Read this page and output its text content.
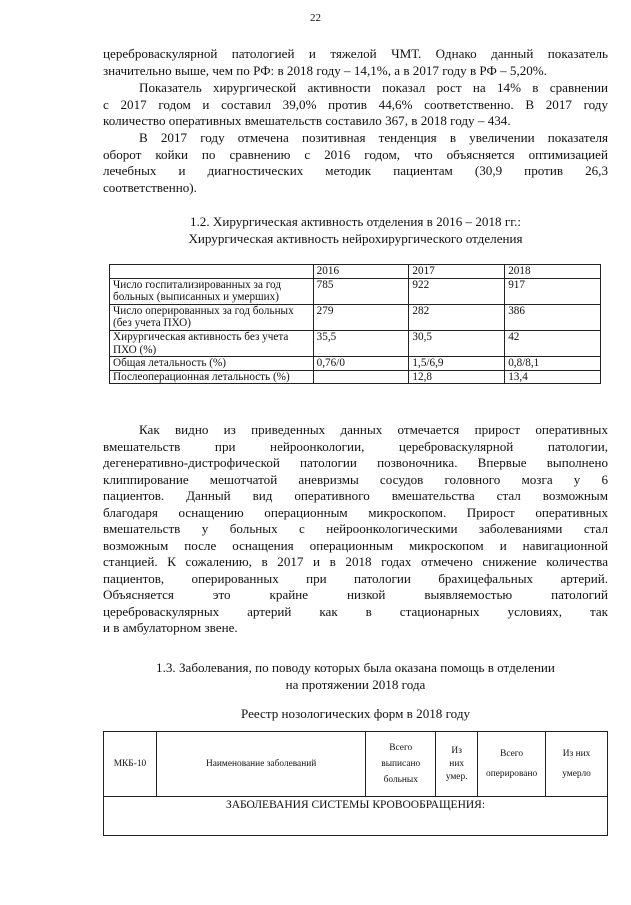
22
цереброваскулярной патологией и тяжелой ЧМТ. Однако данный показатель
значительно выше, чем по РФ: в 2018 году – 14,1%, а в 2017 году в РФ – 5,20%.
Показатель хирургической активности показал рост на 14% в сравнении
с 2017 годом и составил 39,0% против 44,6% соответственно. В 2017 году
количество оперативных вмешательств составило 367, в 2018 году – 434.
В 2017 году отмечена позитивная тенденция в увеличении показателя
оборот койки по сравнению с 2016 годом, что объясняется оптимизацией
лечебных и диагностических методик пациентам (30,9 против 26,3
соответственно).
1.2. Хирургическая активность отделения в 2016 – 2018 гг.:
Хирургическая активность нейрохирургического отделения
	2016	2017	2018
Число госпитализированных за год больных (выписанных и умерших)	785	922	917
Число оперированных за год больных (без учета ПХО)	279	282	386
Хирургическая активность без учета ПХО (%)	35,5	30,5	42
Общая летальность (%)	0,76/0	1,5/6,9	0,8/8,1
Послеоперационная летальность (%)		12,8	13,4
Как видно из приведенных данных отмечается прирост оперативных
вмешательств при нейроонкологии, цереброваскулярной патологии,
дегенеративно-дистрофической патологии позвоночника. Впервые выполнено
клиппирование мешотчатой аневризмы сосудов головного мозга у 6
пациентов. Данный вид оперативного вмешательства стал возможным
благодаря оснащению операционным микроскопом. Прирост оперативных
вмешательств у больных с нейроонкологическими заболеваниями стал
возможным после оснащения операционным микроскопом и навигационной
станцией. К сожалению, в 2017 и в 2018 годах отмечено снижение количества
пациентов, оперированных при патологии брахицефальных артерий.
Объясняется это крайне низкой выявляемостью патологий
цереброваскулярных артерий как в стационарных условиях, так
и в амбулаторном звене.
1.3. Заболевания, по поводу которых была оказана помощь в отделении
на протяжении 2018 года
Реестр нозологических форм в 2018 году
МКБ-10	Наименование заболеваний	Всего
выписано
больных	Из
них
умер.	Всего
оперировано	Из них
умерло
ЗАБОЛЕВАНИЯ СИСТЕМЫ КРОВООБРАЩЕНИЯ:
